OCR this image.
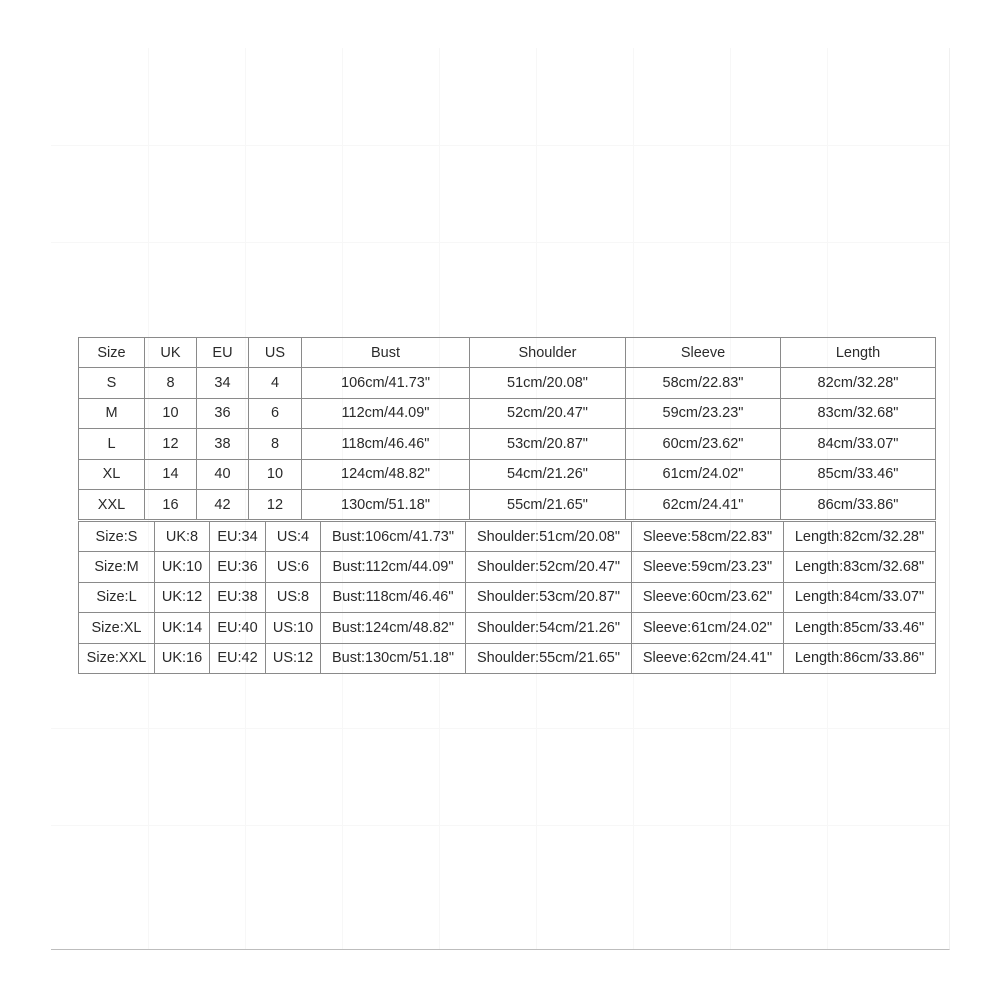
Size	UK	EU	US	Bust	Shoulder	Sleeve	Length
S	8	34	4	106cm/41.73"	51cm/20.08"	58cm/22.83"	82cm/32.28"
M	10	36	6	112cm/44.09"	52cm/20.47"	59cm/23.23"	83cm/32.68"
L	12	38	8	118cm/46.46"	53cm/20.87"	60cm/23.62"	84cm/33.07"
XL	14	40	10	124cm/48.82"	54cm/21.26"	61cm/24.02"	85cm/33.46"
XXL	16	42	12	130cm/51.18"	55cm/21.65"	62cm/24.41"	86cm/33.86"
Size:S	UK:8	EU:34	US:4	Bust:106cm/41.73"	Shoulder:51cm/20.08"	Sleeve:58cm/22.83"	Length:82cm/32.28"
Size:M	UK:10	EU:36	US:6	Bust:112cm/44.09"	Shoulder:52cm/20.47"	Sleeve:59cm/23.23"	Length:83cm/32.68"
Size:L	UK:12	EU:38	US:8	Bust:118cm/46.46"	Shoulder:53cm/20.87"	Sleeve:60cm/23.62"	Length:84cm/33.07"
Size:XL	UK:14	EU:40	US:10	Bust:124cm/48.82"	Shoulder:54cm/21.26"	Sleeve:61cm/24.02"	Length:85cm/33.46"
Size:XXL	UK:16	EU:42	US:12	Bust:130cm/51.18"	Shoulder:55cm/21.65"	Sleeve:62cm/24.41"	Length:86cm/33.86"
